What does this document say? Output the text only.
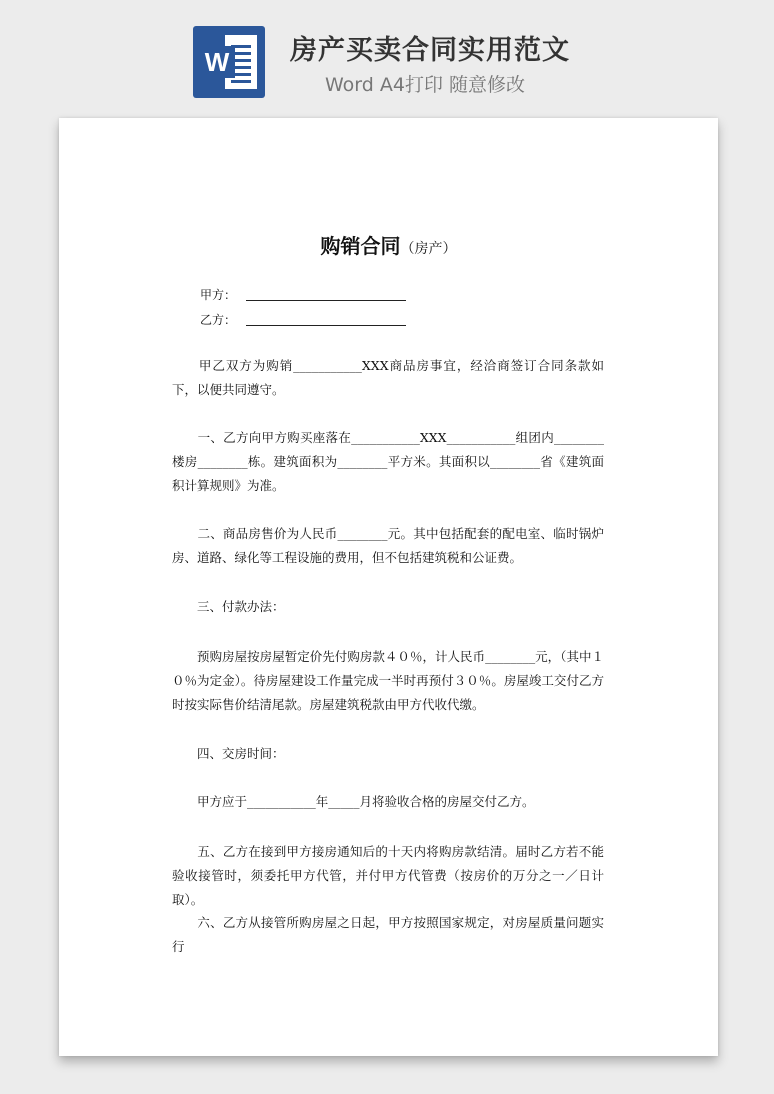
W 房产买卖合同实用范文
Word A4打印 随意修改
购销合同（房产）
甲方：
乙方：

　　甲乙双方为购销___________XXX商品房事宜，经洽商签订合同条款如下，以便共同遵守。

　　一、乙方向甲方购买座落在___________XXX___________组团内________楼房________栋。建筑面积为________平方米。其面积以________省《建筑面积计算规则》为准。

　　二、商品房售价为人民币________元。其中包括配套的配电室、临时锅炉房、道路、绿化等工程设施的费用，但不包括建筑税和公证费。

　　三、付款办法：

　　预购房屋按房屋暂定价先付购房款４０％，计人民币________元，（其中１０％为定金）。待房屋建设工作量完成一半时再预付３０％。房屋竣工交付乙方时按实际售价结清尾款。房屋建筑税款由甲方代收代缴。

　　四、交房时间：

　　甲方应于___________年_____月将验收合格的房屋交付乙方。

　　五、乙方在接到甲方接房通知后的十天内将购房款结清。届时乙方若不能验收接管时，须委托甲方代管，并付甲方代管费（按房价的万分之一／日计取）。

　　六、乙方从接管所购房屋之日起，甲方按照国家规定，对房屋质量问题实行
